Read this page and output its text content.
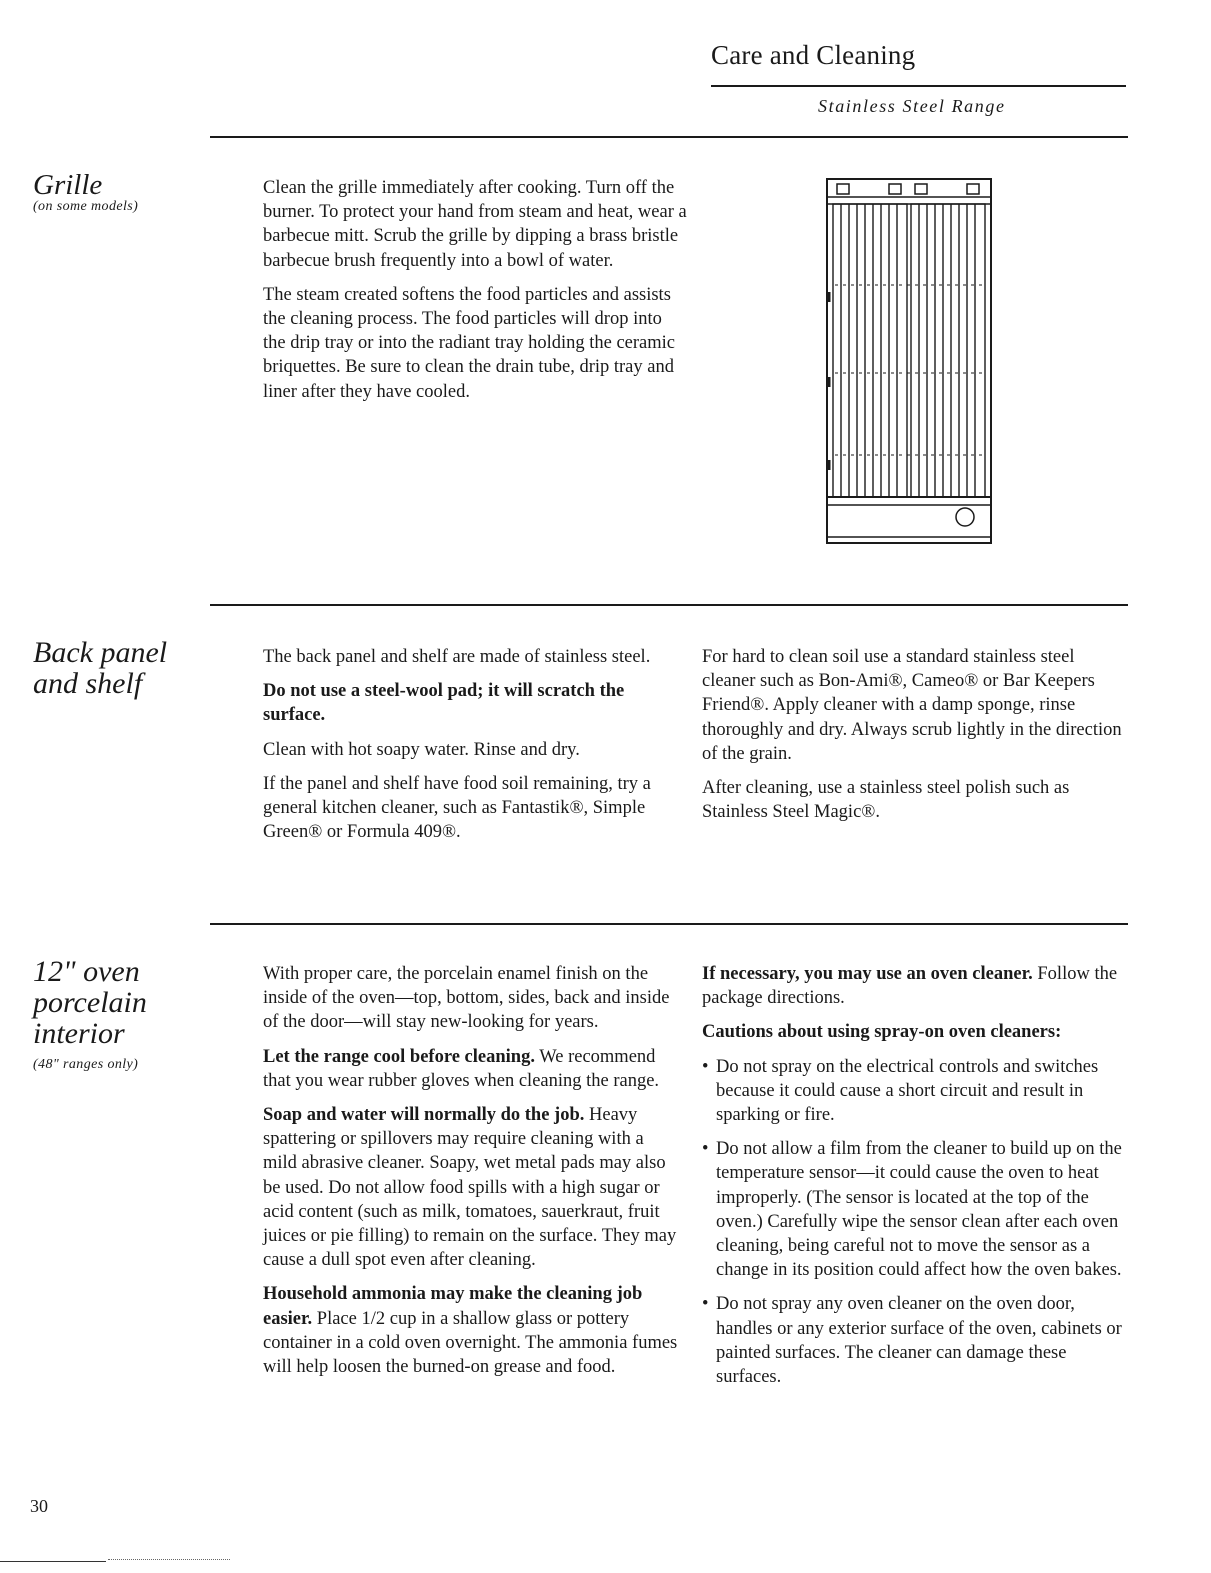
Care and Cleaning
Stainless Steel Range
Grille
(on some models)

Clean the grille immediately after cooking. Turn off the burner. To protect your hand from steam and heat, wear a barbecue mitt. Scrub the grille by dipping a brass bristle barbecue brush frequently into a bowl of water.

The steam created softens the food particles and assists the cleaning process. The food particles will drop into the drip tray or into the radiant tray holding the ceramic briquettes. Be sure to clean the drain tube, drip tray and liner after they have cooled.

Back panel
and shelf

The back panel and shelf are made of stainless steel.

Do not use a steel-wool pad; it will scratch the surface.

Clean with hot soapy water. Rinse and dry.

If the panel and shelf have food soil remaining, try a general kitchen cleaner, such as Fantastik®, Simple Green® or Formula 409®.

For hard to clean soil use a standard stainless steel cleaner such as Bon-Ami®, Cameo® or Bar Keepers Friend®. Apply cleaner with a damp sponge, rinse thoroughly and dry. Always scrub lightly in the direction of the grain.

After cleaning, use a stainless steel polish such as Stainless Steel Magic®.

12" oven
porcelain
interior
(48" ranges only)

With proper care, the porcelain enamel finish on the inside of the oven—top, bottom, sides, back and inside of the door—will stay new-looking for years.

Let the range cool before cleaning. We recommend that you wear rubber gloves when cleaning the range.

Soap and water will normally do the job. Heavy spattering or spillovers may require cleaning with a mild abrasive cleaner. Soapy, wet metal pads may also be used. Do not allow food spills with a high sugar or acid content (such as milk, tomatoes, sauerkraut, fruit juices or pie filling) to remain on the surface. They may cause a dull spot even after cleaning.

Household ammonia may make the cleaning job easier. Place 1/2 cup in a shallow glass or pottery container in a cold oven overnight. The ammonia fumes will help loosen the burned-on grease and food.

If necessary, you may use an oven cleaner. Follow the package directions.

Cautions about using spray-on oven cleaners:

• Do not spray on the electrical controls and switches because it could cause a short circuit and result in sparking or fire.
• Do not allow a film from the cleaner to build up on the temperature sensor—it could cause the oven to heat improperly. (The sensor is located at the top of the oven.) Carefully wipe the sensor clean after each oven cleaning, being careful not to move the sensor as a change in its position could affect how the oven bakes.
• Do not spray any oven cleaner on the oven door, handles or any exterior surface of the oven, cabinets or painted surfaces. The cleaner can damage these surfaces.
30
